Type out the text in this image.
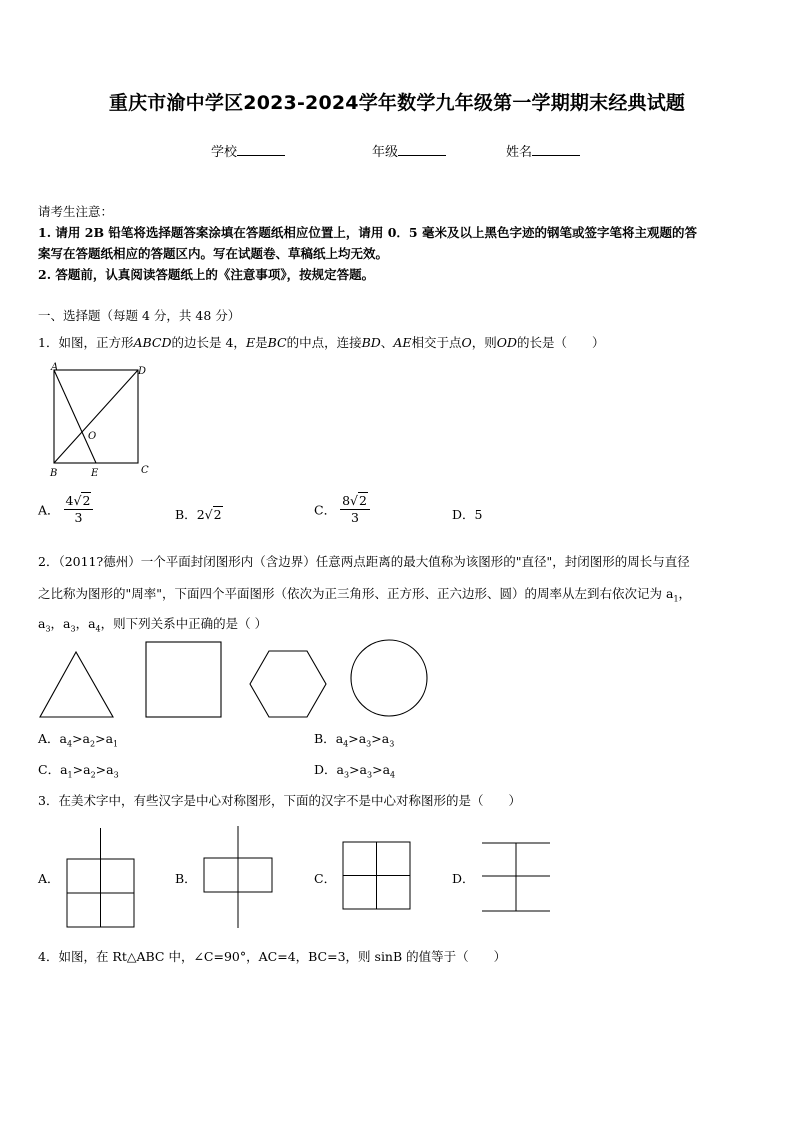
重庆市渝中学区2023-2024学年数学九年级第一学期期末经典试题
学校	年级	姓名
请考生注意：
1. 请用 2B 铅笔将选择题答案涂填在答题纸相应位置上，请用 0．5 毫米及以上黑色字迹的钢笔或签字笔将主观题的答
案写在答题纸相应的答题区内。写在试题卷、草稿纸上均无效。
2. 答题前，认真阅读答题纸上的《注意事项》，按规定答题。
一、选择题（每题 4 分，共 48 分）
1．如图，正方形ABCD的边长是 4，E是BC的中点，连接BD、AE相交于点O，则OD的长是（　　）
A	D
B	E	C
O
A． $\frac{4√2}{3}$	B．2√2	C． $\frac{8√2}{3}$	D．5
2．（2011?德州）一个平面封闭图形内（含边界）任意两点距离的最大值称为该图形的"直径"，封闭图形的周长与直径
之比称为图形的"周率"，下面四个平面图形（依次为正三角形、正方形、正六边形、圆）的周率从左到右依次记为 $a_1$，
$a_3$，$a_3$，$a_4$，则下列关系中正确的是（ ）
A．$a_4>a_2>a_1$	B．$a_4>a_3>a_3$
C．$a_1>a_2>a_3$	D．$a_3>a_3>a_4$
3．在美术字中，有些汉字是中心对称图形，下面的汉字不是中心对称图形的是（　　）
A．	B．	C．	D．
4．如图，在 Rt△ABC 中，∠C=90°，AC=4，BC=3，则 sinB 的值等于（　　）
